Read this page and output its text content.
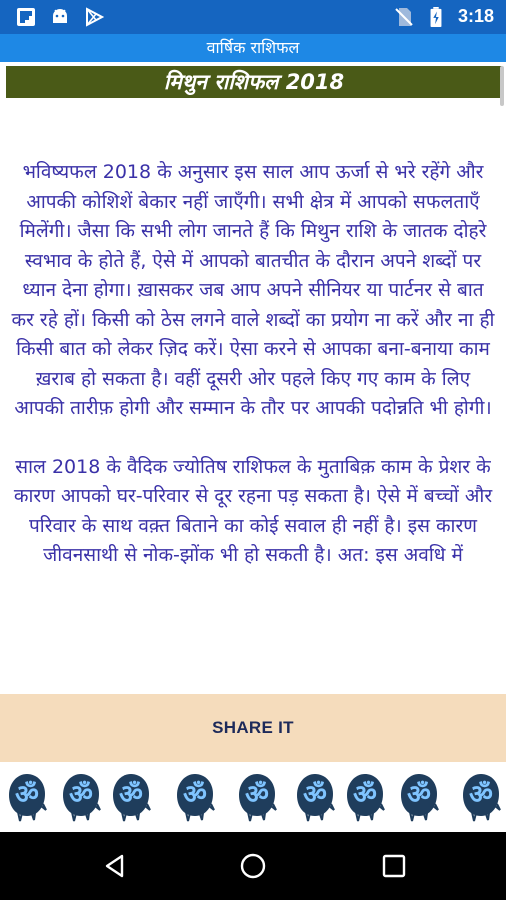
3:18
वार्षिक राशिफल
मिथुन राशिफल 2018

भविष्यफल 2018 के अनुसार इस साल आप ऊर्जा से भरे रहेंगे और आपकी कोशिशें बेकार नहीं जाएँगी। सभी क्षेत्र में आपको सफलताएँ मिलेंगी। जैसा कि सभी लोग जानते हैं कि मिथुन राशि के जातक दोहरे स्वभाव के होते हैं, ऐसे में आपको बातचीत के दौरान अपने शब्दों पर ध्यान देना होगा। ख़ासकर जब आप अपने सीनियर या पार्टनर से बात कर रहे हों। किसी को ठेस लगने वाले शब्दों का प्रयोग ना करें और ना ही किसी बात को लेकर ज़िद करें। ऐसा करने से आपका बना-बनाया काम ख़राब हो सकता है। वहीं दूसरी ओर पहले किए गए काम के लिए आपकी तारीफ़ होगी और सम्मान के तौर पर आपकी पदोन्नति भी होगी।

साल 2018 के वैदिक ज्योतिष राशिफल के मुताबिक़ काम के प्रेशर के कारण आपको घर-परिवार से दूर रहना पड़ सकता है। ऐसे में बच्चों और परिवार के साथ वक़्त बिताने का कोई सवाल ही नहीं है। इस कारण जीवनसाथी से नोक-झोंक भी हो सकती है। अत: इस अवधि में

SHARE IT
ॐ ॐ ॐ ॐ ॐ ॐ ॐ ॐ ॐ
